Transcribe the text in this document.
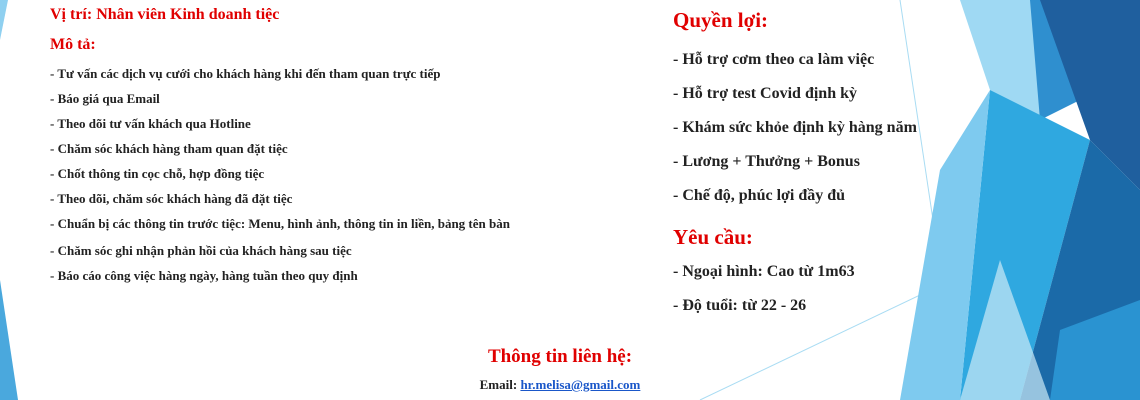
Vị trí: Nhân viên Kinh doanh tiệc
Mô tả:
- Tư vấn các dịch vụ cưới cho khách hàng khi đến tham quan trực tiếp
- Báo giá qua Email
- Theo dõi tư vấn khách qua Hotline
- Chăm sóc khách hàng tham quan đặt tiệc
- Chốt thông tin cọc chỗ, hợp đồng tiệc
- Theo dõi, chăm sóc khách hàng đã đặt tiệc
- Chuẩn bị các thông tin trước tiệc: Menu, hình ảnh, thông tin in liền, bảng tên bàn
- Chăm sóc ghi nhận phản hồi của khách hàng sau tiệc
- Báo cáo công việc hàng ngày, hàng tuần theo quy định
Quyền lợi:
- Hỗ trợ cơm theo ca làm việc
- Hỗ trợ test Covid định kỳ
- Khám sức khỏe định kỳ hàng năm
- Lương + Thưởng + Bonus
- Chế độ, phúc lợi đầy đủ
Yêu cầu:
- Ngoại hình: Cao từ 1m63
- Độ tuổi: từ 22 - 26
Thông tin liên hệ:
Email: hr.melisa@gmail.com
